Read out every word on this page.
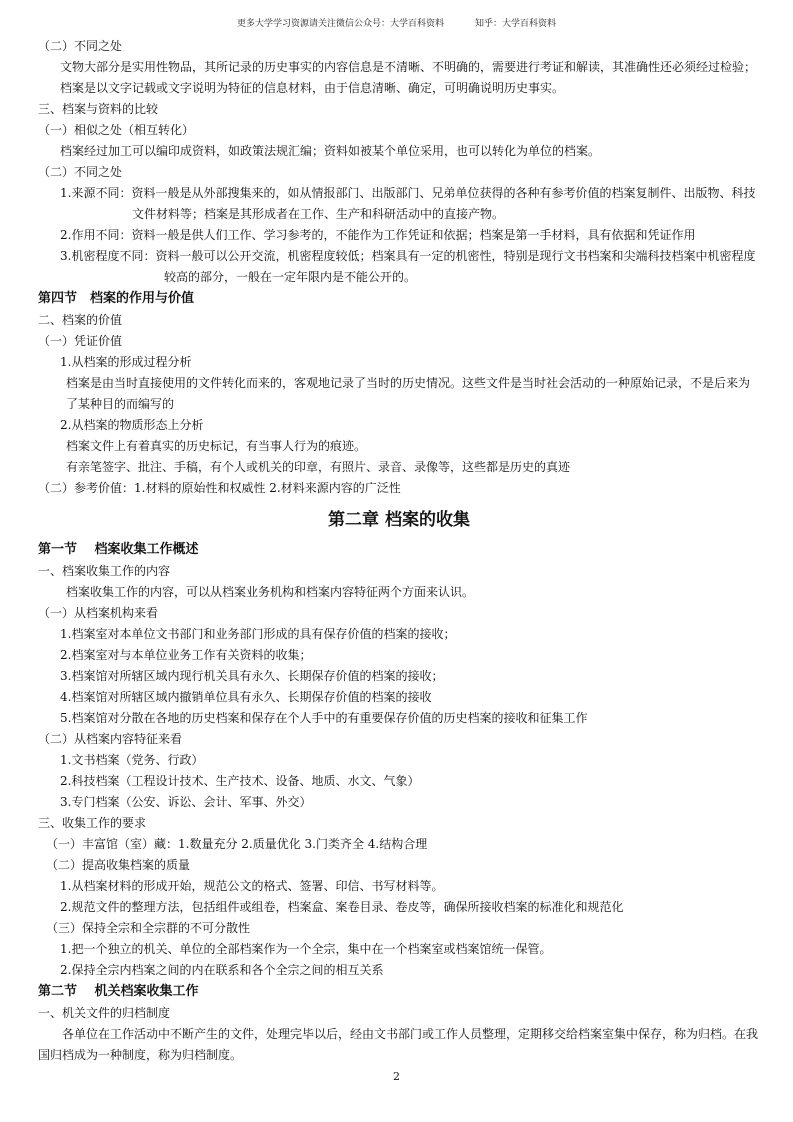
更多大学学习资源请关注微信公众号：大学百科资料	知乎：大学百科资料
（二）不同之处
文物大部分是实用性物品，其所记录的历史事实的内容信息是不清晰、不明确的，需要进行考证和解读，其准确性还必须经过检验；
档案是以文字记载或文字说明为特征的信息材料，由于信息清晰、确定，可明确说明历史事实。
三、档案与资料的比较
（一）相似之处（相互转化）
档案经过加工可以编印成资料，如政策法规汇编；资料如被某个单位采用，也可以转化为单位的档案。
（二）不同之处
1.来源不同：资料一般是从外部搜集来的，如从情报部门、出版部门、兄弟单位获得的各种有参考价值的档案复制件、出版物、科技
文件材料等；档案是其形成者在工作、生产和科研活动中的直接产物。
2.作用不同：资料一般是供人们工作、学习参考的，不能作为工作凭证和依据；档案是第一手材料，具有依据和凭证作用
3.机密程度不同：资料一般可以公开交流，机密程度较低；档案具有一定的机密性，特别是现行文书档案和尖端科技档案中机密程度
较高的部分，一般在一定年限内是不能公开的。
第四节　档案的作用与价值
二、档案的价值
（一）凭证价值
1.从档案的形成过程分析
档案是由当时直接使用的文件转化而来的，客观地记录了当时的历史情况。这些文件是当时社会活动的一种原始记录，不是后来为
了某种目的而编写的
2.从档案的物质形态上分析
档案文件上有着真实的历史标记，有当事人行为的痕迹。
有亲笔签字、批注、手稿，有个人或机关的印章，有照片、录音、录像等，这些都是历史的真迹
（二）参考价值：1.材料的原始性和权威性 2.材料来源内容的广泛性
第二章 档案的收集
第一节　 档案收集工作概述
一、档案收集工作的内容
档案收集工作的内容，可以从档案业务机构和档案内容特征两个方面来认识。
（一）从档案机构来看
1.档案室对本单位文书部门和业务部门形成的具有保存价值的档案的接收；
2.档案室对与本单位业务工作有关资料的收集；
3.档案馆对所辖区域内现行机关具有永久、长期保存价值的档案的接收；
4.档案馆对所辖区域内撤销单位具有永久、长期保存价值的档案的接收
5.档案馆对分散在各地的历史档案和保存在个人手中的有重要保存价值的历史档案的接收和征集工作
（二）从档案内容特征来看
1.文书档案（党务、行政）
2.科技档案（工程设计技术、生产技术、设备、地质、水文、气象）
3.专门档案（公安、诉讼、会计、军事、外交）
三、收集工作的要求
（一）丰富馆（室）藏：1.数量充分 2.质量优化 3.门类齐全 4.结构合理
（二）提高收集档案的质量
1.从档案材料的形成开始，规范公文的格式、签署、印信、书写材料等。
2.规范文件的整理方法，包括组件或组卷，档案盒、案卷目录、卷皮等，确保所接收档案的标准化和规范化
（三）保持全宗和全宗群的不可分散性
1.把一个独立的机关、单位的全部档案作为一个全宗，集中在一个档案室或档案馆统一保管。
2.保持全宗内档案之间的内在联系和各个全宗之间的相互关系
第二节　 机关档案收集工作
一、机关文件的归档制度
各单位在工作活动中不断产生的文件，处理完毕以后，经由文书部门或工作人员整理，定期移交给档案室集中保存，称为归档。在我国归档成为一种制度，称为归档制度。
2
